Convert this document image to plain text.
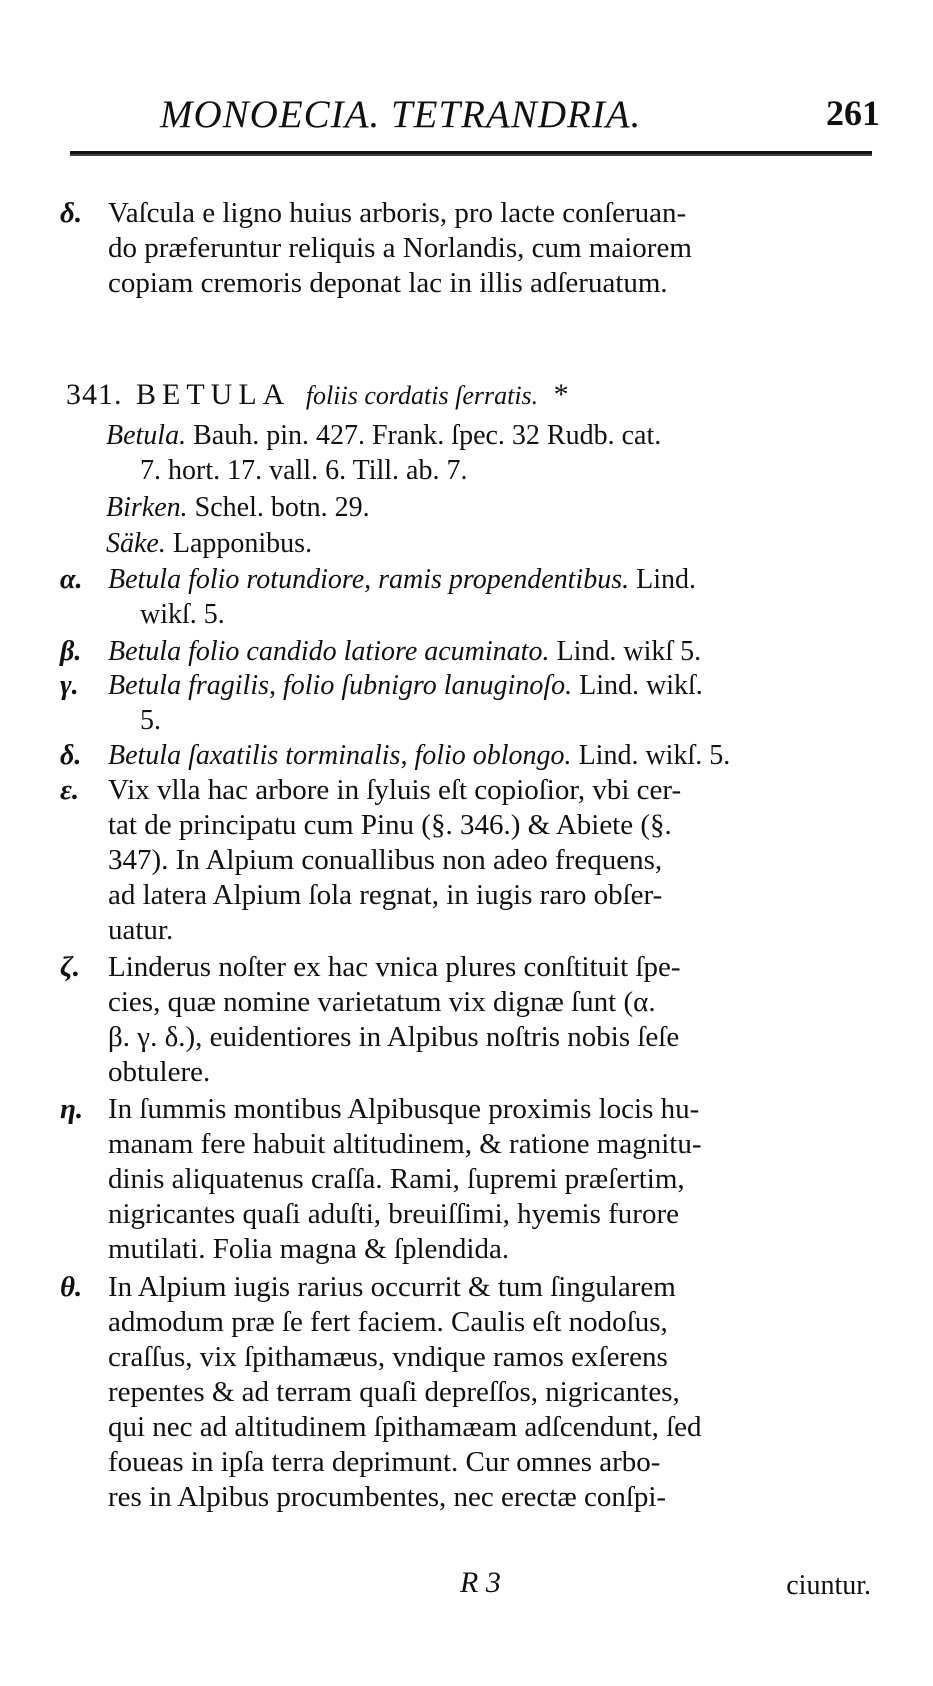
MONOECIA. TETRANDRIA.	261
δ. Vaſcula e ligno huius arboris, pro lacte conſeruan-
do præferuntur reliquis a Norlandis, cum maiorem
copiam cremoris deponat lac in illis adſeruatum.
341. BETULA foliis cordatis ſerratis. *
Betula. Bauh. pin. 427. Frank. ſpec. 32 Rudb. cat.
7. hort. 17. vall. 6. Till. ab. 7.
Birken. Schel. botn. 29.
Säke. Lapponibus.
α. Betula folio rotundiore, ramis propendentibus. Lind.
wikſ. 5.
β. Betula folio candido latiore acuminato. Lind. wikſ 5.
γ. Betula fragilis, folio ſubnigro lanuginoſo. Lind. wikſ.
5.
δ. Betula ſaxatilis torminalis, folio oblongo. Lind. wikſ. 5.
ε. Vix vlla hac arbore in ſyluis eſt copioſior, vbi cer-
tat de principatu cum Pinu (§. 346.) & Abiete (§.
347). In Alpium conuallibus non adeo frequens,
ad latera Alpium ſola regnat, in iugis raro obſer-
uatur.
ζ. Linderus noſter ex hac vnica plures conſtituit ſpe-
cies, quæ nomine varietatum vix dignæ ſunt (α.
β. γ. δ.), euidentiores in Alpibus noſtris nobis ſeſe
obtulere.
η. In ſummis montibus Alpibusque proximis locis hu-
manam fere habuit altitudinem, & ratione magnitu-
dinis aliquatenus craſſa. Rami, ſupremi præſertim,
nigricantes quaſi aduſti, breuiſſimi, hyemis furore
mutilati. Folia magna & ſplendida.
θ. In Alpium iugis rarius occurrit & tum ſingularem
admodum præ ſe fert faciem. Caulis eſt nodoſus,
craſſus, vix ſpithamæus, vndique ramos exſerens
repentes & ad terram quaſi depreſſos, nigricantes,
qui nec ad altitudinem ſpithamæam adſcendunt, ſed
foueas in ipſa terra deprimunt. Cur omnes arbo-
res in Alpibus procumbentes, nec erectæ conſpi-
R 3	ciuntur.
